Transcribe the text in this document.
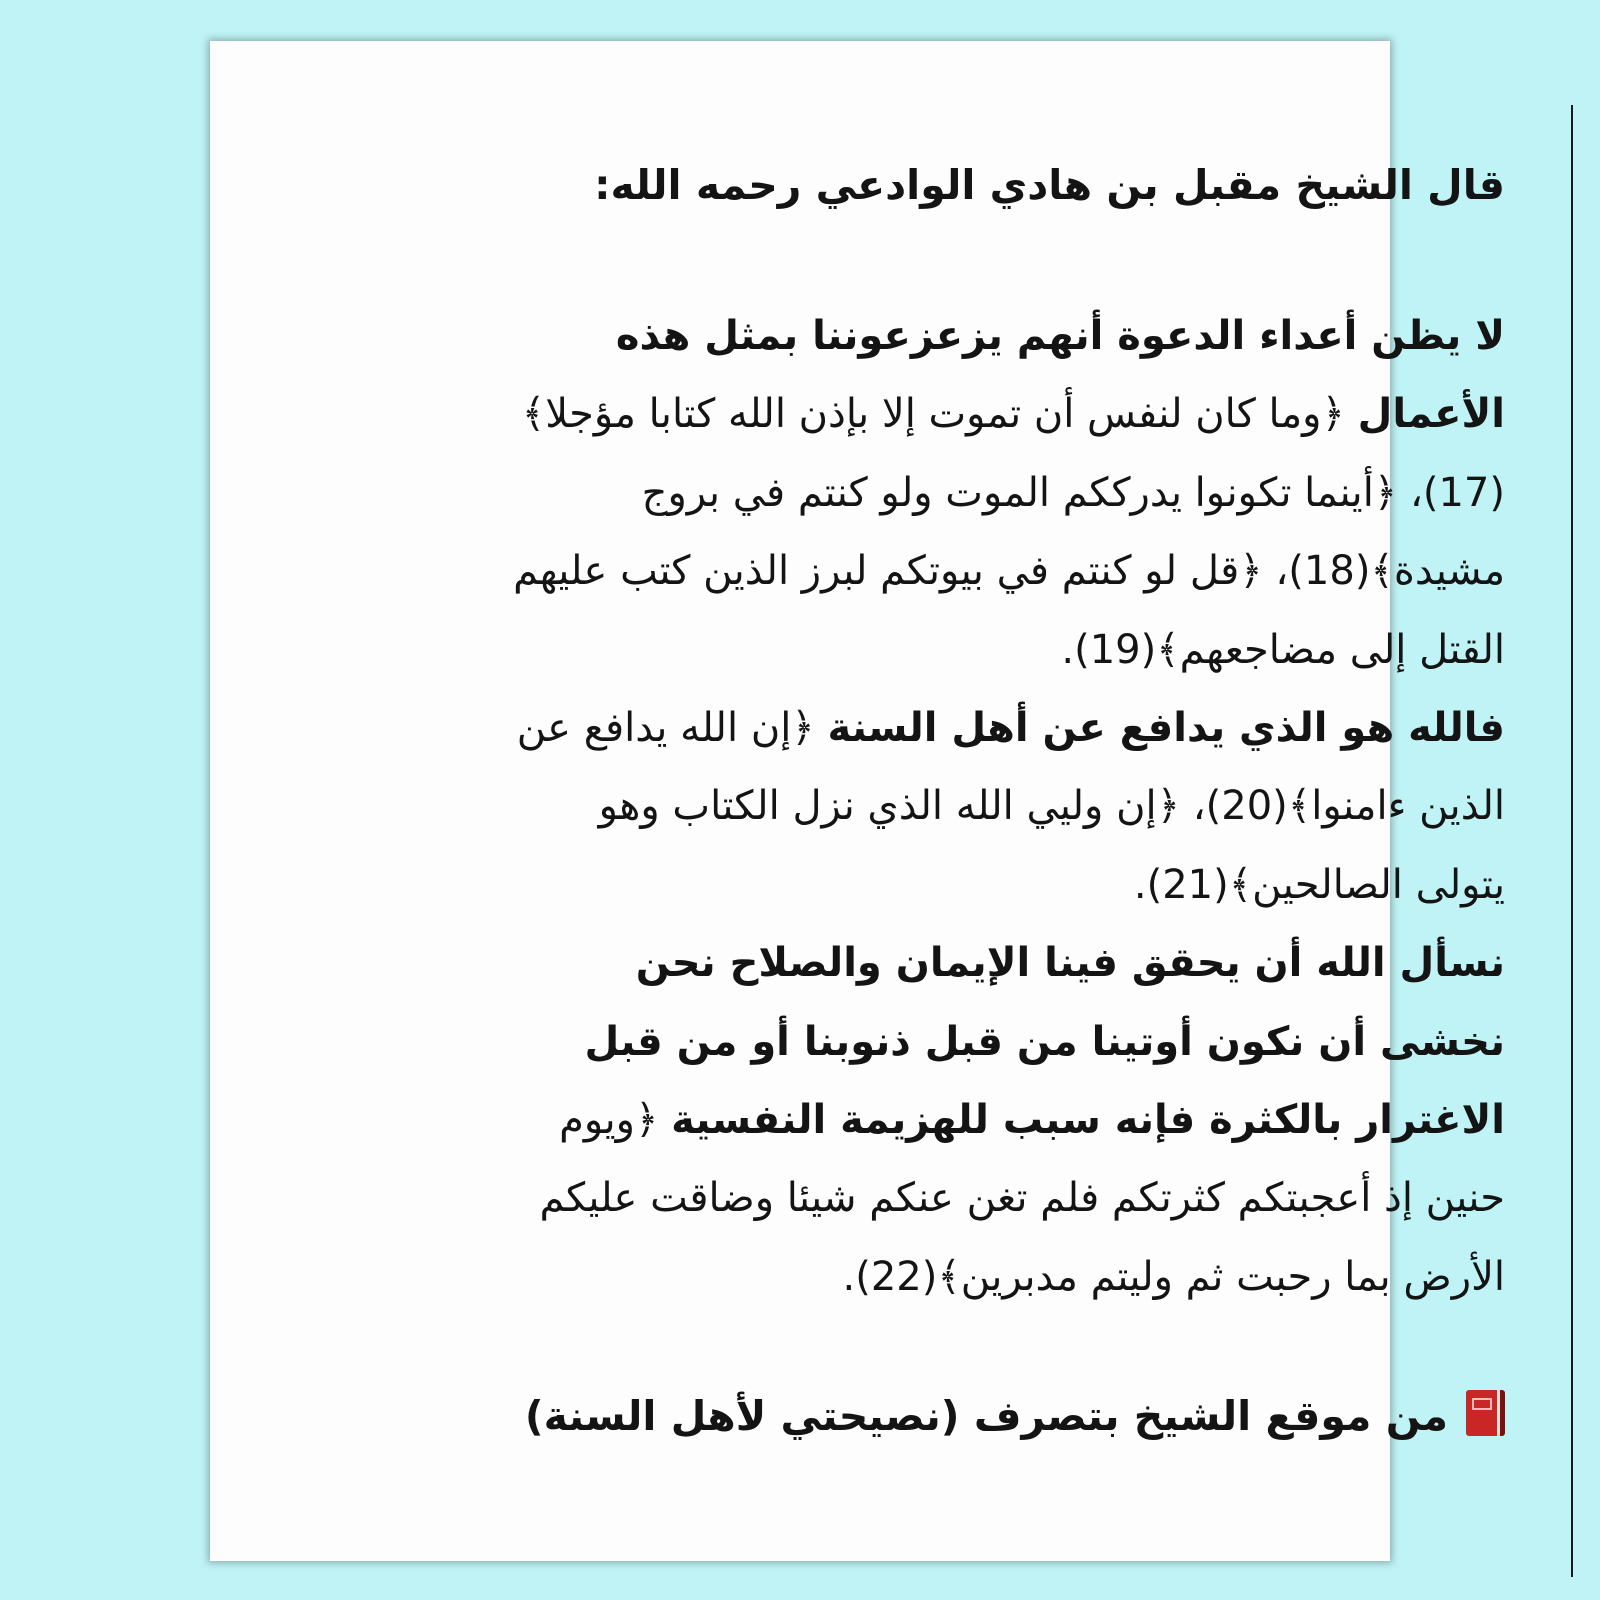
قال الشيخ مقبل بن هادي الوادعي رحمه الله:

لا يظن أعداء الدعوة أنهم يزعزعوننا بمثل هذه الأعمال ﴿وما كان لنفس أن تموت إلا بإذن الله كتابا مؤجلا﴾(17)، ﴿أينما تكونوا يدرككم الموت ولو كنتم في بروج مشيدة﴾(18)، ﴿قل لو كنتم في بيوتكم لبرز الذين كتب عليهم القتل إلى مضاجعهم﴾(19).
فالله هو الذي يدافع عن أهل السنة ﴿إن الله يدافع عن الذين ءامنوا﴾(20)، ﴿إن وليي الله الذي نزل الكتاب وهو يتولى الصالحين﴾(21).
نسأل الله أن يحقق فينا الإيمان والصلاح نحن نخشى أن نكون أوتينا من قبل ذنوبنا أو من قبل الاغترار بالكثرة فإنه سبب للهزيمة النفسية ﴿ويوم حنين إذ أعجبتكم كثرتكم فلم تغن عنكم شيئا وضاقت عليكم الأرض بما رحبت ثم وليتم مدبرين﴾(22).

من موقع الشيخ بتصرف (نصيحتي لأهل السنة)
